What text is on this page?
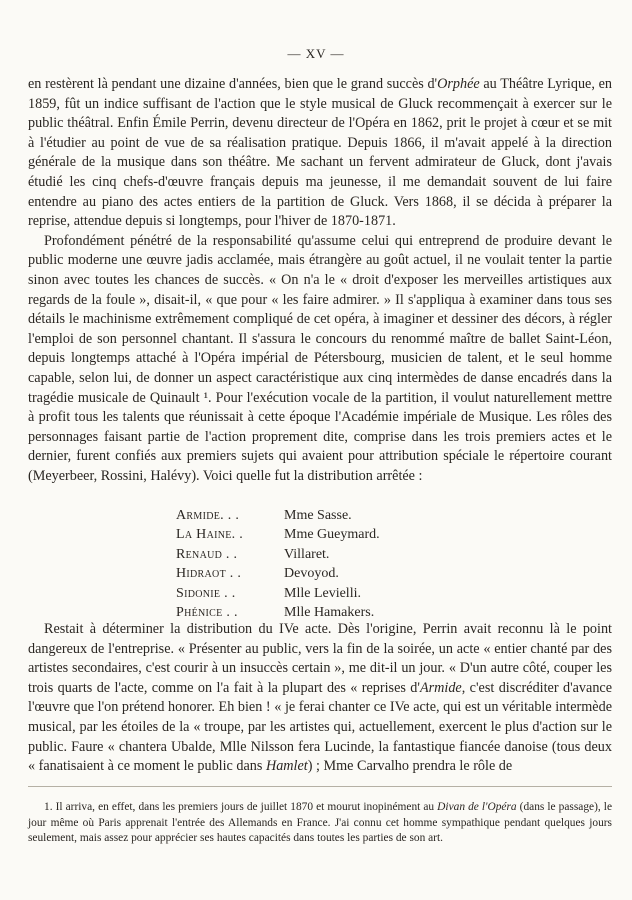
— XV —

en restèrent là pendant une dizaine d'années, bien que le grand succès d'Orphée au Théâtre Lyrique, en 1859, fût un indice suffisant de l'action que le style musical de Gluck recommençait à exercer sur le public théâtral. Enfin Émile Perrin, devenu directeur de l'Opéra en 1862, prit le projet à cœur et se mit à l'étudier au point de vue de sa réalisation pratique. Depuis 1866, il m'avait appelé à la direction générale de la musique dans son théâtre. Me sachant un fervent admirateur de Gluck, dont j'avais étudié les cinq chefs-d'œuvre français depuis ma jeunesse, il me demandait souvent de lui faire entendre au piano des actes entiers de la partition de Gluck. Vers 1868, il se décida à préparer la reprise, attendue depuis si longtemps, pour l'hiver de 1870-1871.

Profondément pénétré de la responsabilité qu'assume celui qui entreprend de produire devant le public moderne une œuvre jadis acclamée, mais étrangère au goût actuel, il ne voulait tenter la partie sinon avec toutes les chances de succès. « On n'a le « droit d'exposer les merveilles artistiques aux regards de la foule », disait-il, « que pour « les faire admirer. » Il s'appliqua à examiner dans tous ses détails le machinisme extrêmement compliqué de cet opéra, à imaginer et dessiner des décors, à régler l'emploi de son personnel chantant. Il s'assura le concours du renommé maître de ballet Saint-Léon, depuis longtemps attaché à l'Opéra impérial de Pétersbourg, musicien de talent, et le seul homme capable, selon lui, de donner un aspect caractéristique aux cinq intermèdes de danse encadrés dans la tragédie musicale de Quinault ¹. Pour l'exécution vocale de la partition, il voulut naturellement mettre à profit tous les talents que réunissait à cette époque l'Académie impériale de Musique. Les rôles des personnages faisant partie de l'action proprement dite, comprise dans les trois premiers actes et le dernier, furent confiés aux premiers sujets qui avaient pour attribution spéciale le répertoire courant (Meyerbeer, Rossini, Halévy). Voici quelle fut la distribution arrêtée :

Armide. . .	Mme Sasse.
La Haine. .	Mme Gueymard.
Renaud . .	Villaret.
Hidraot . .	Devoyod.
Sidonie . .	Mlle Levielli.
Phénice . .	Mlle Hamakers.

Restait à déterminer la distribution du IVe acte. Dès l'origine, Perrin avait reconnu là le point dangereux de l'entreprise. « Présenter au public, vers la fin de la soirée, un acte « entier chanté par des artistes secondaires, c'est courir à un insuccès certain », me dit-il un jour. « D'un autre côté, couper les trois quarts de l'acte, comme on l'a fait à la plupart des « reprises d'Armide, c'est discréditer d'avance l'œuvre que l'on prétend honorer. Eh bien ! « je ferai chanter ce IVe acte, qui est un véritable intermède musical, par les étoiles de la « troupe, par les artistes qui, actuellement, exercent le plus d'action sur le public. Faure « chantera Ubalde, Mlle Nilsson fera Lucinde, la fantastique fiancée danoise (tous deux « fanatisaient à ce moment le public dans Hamlet) ; Mme Carvalho prendra le rôle de

1. Il arriva, en effet, dans les premiers jours de juillet 1870 et mourut inopinément au Divan de l'Opéra (dans le passage), le jour même où Paris apprenait l'entrée des Allemands en France. J'ai connu cet homme sympathique pendant quelques jours seulement, mais assez pour apprécier ses hautes capacités dans toutes les parties de son art.
